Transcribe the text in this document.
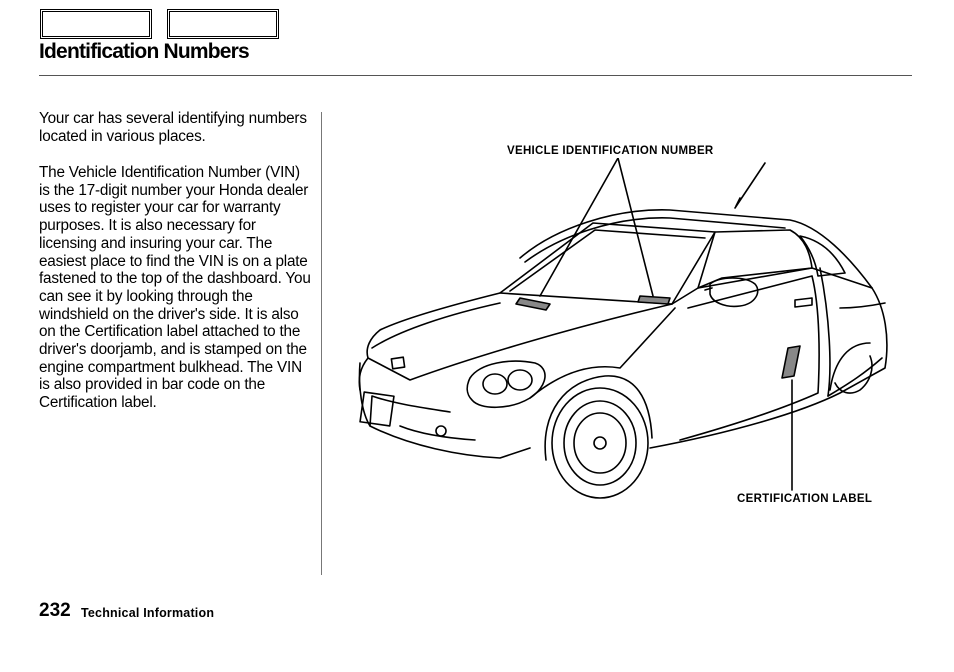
Identification Numbers

Your car has several identifying numbers located in various places.

The Vehicle Identification Number (VIN) is the 17-digit number your Honda dealer uses to register your car for warranty purposes. It is also necessary for licensing and insuring your car. The easiest place to find the VIN is on a plate fastened to the top of the dashboard. You can see it by looking through the windshield on the driver's side. It is also on the Certification label attached to the driver's doorjamb, and is stamped on the engine compartment bulkhead. The VIN is also provided in bar code on the Certification label.

VEHICLE IDENTIFICATION NUMBER
CERTIFICATION LABEL
232 Technical Information
